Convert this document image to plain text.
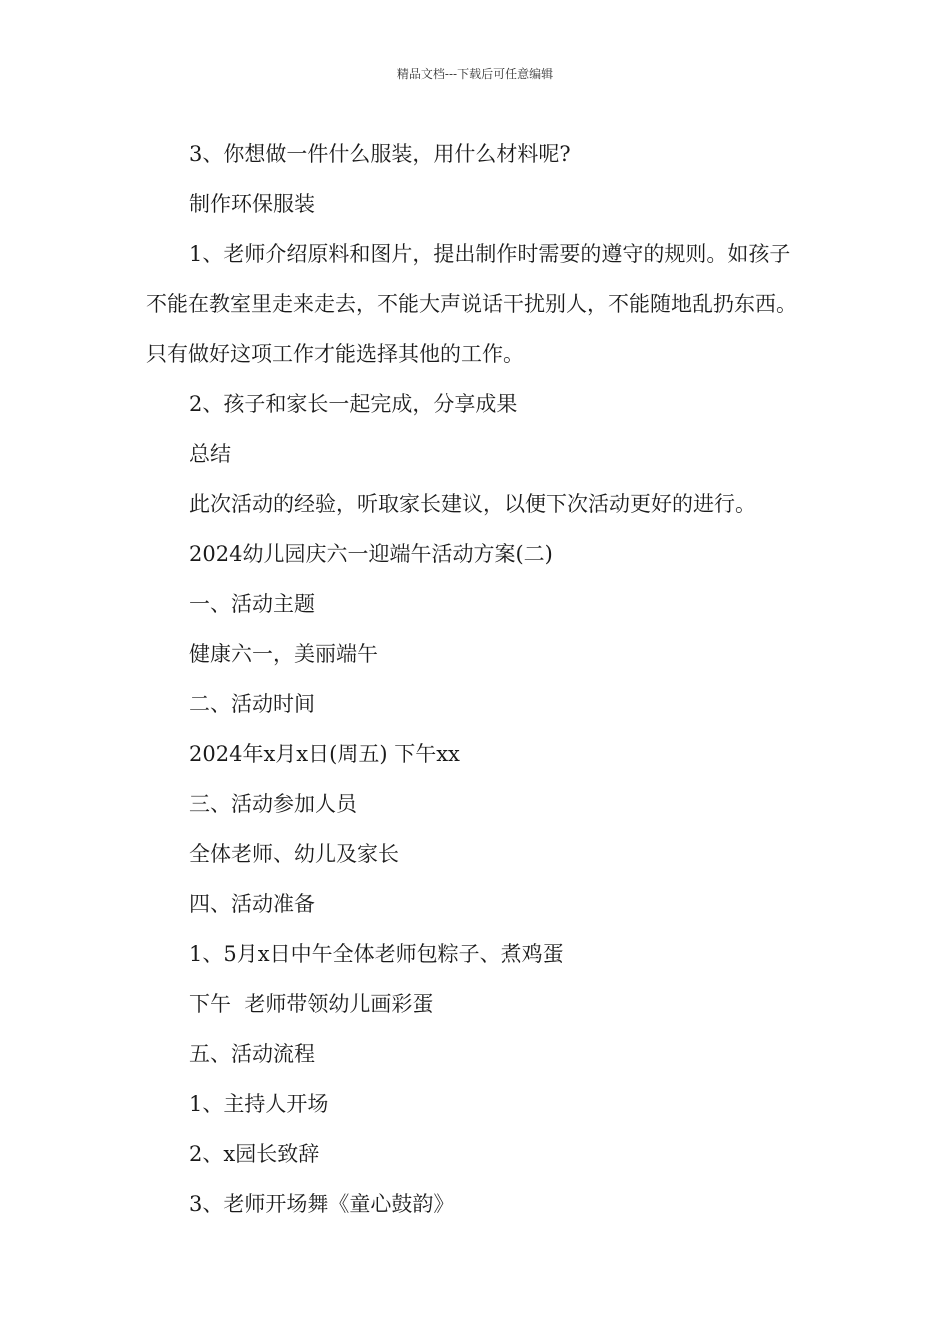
精品文档---下载后可任意编辑

3、你想做一件什么服装，用什么材料呢?

制作环保服装

1、老师介绍原料和图片，提出制作时需要的遵守的规则。如孩子不能在教室里走来走去，不能大声说话干扰别人，不能随地乱扔东西。只有做好这项工作才能选择其他的工作。

2、孩子和家长一起完成，分享成果

总结

此次活动的经验，听取家长建议，以便下次活动更好的进行。

2024幼儿园庆六一迎端午活动方案(二)

一、活动主题

健康六一，美丽端午

二、活动时间

2024年x月x日(周五) 下午xx

三、活动参加人员

全体老师、幼儿及家长

四、活动准备

1、5月x日中午全体老师包粽子、煮鸡蛋

下午  老师带领幼儿画彩蛋

五、活动流程

1、主持人开场

2、x园长致辞

3、老师开场舞《童心鼓韵》
